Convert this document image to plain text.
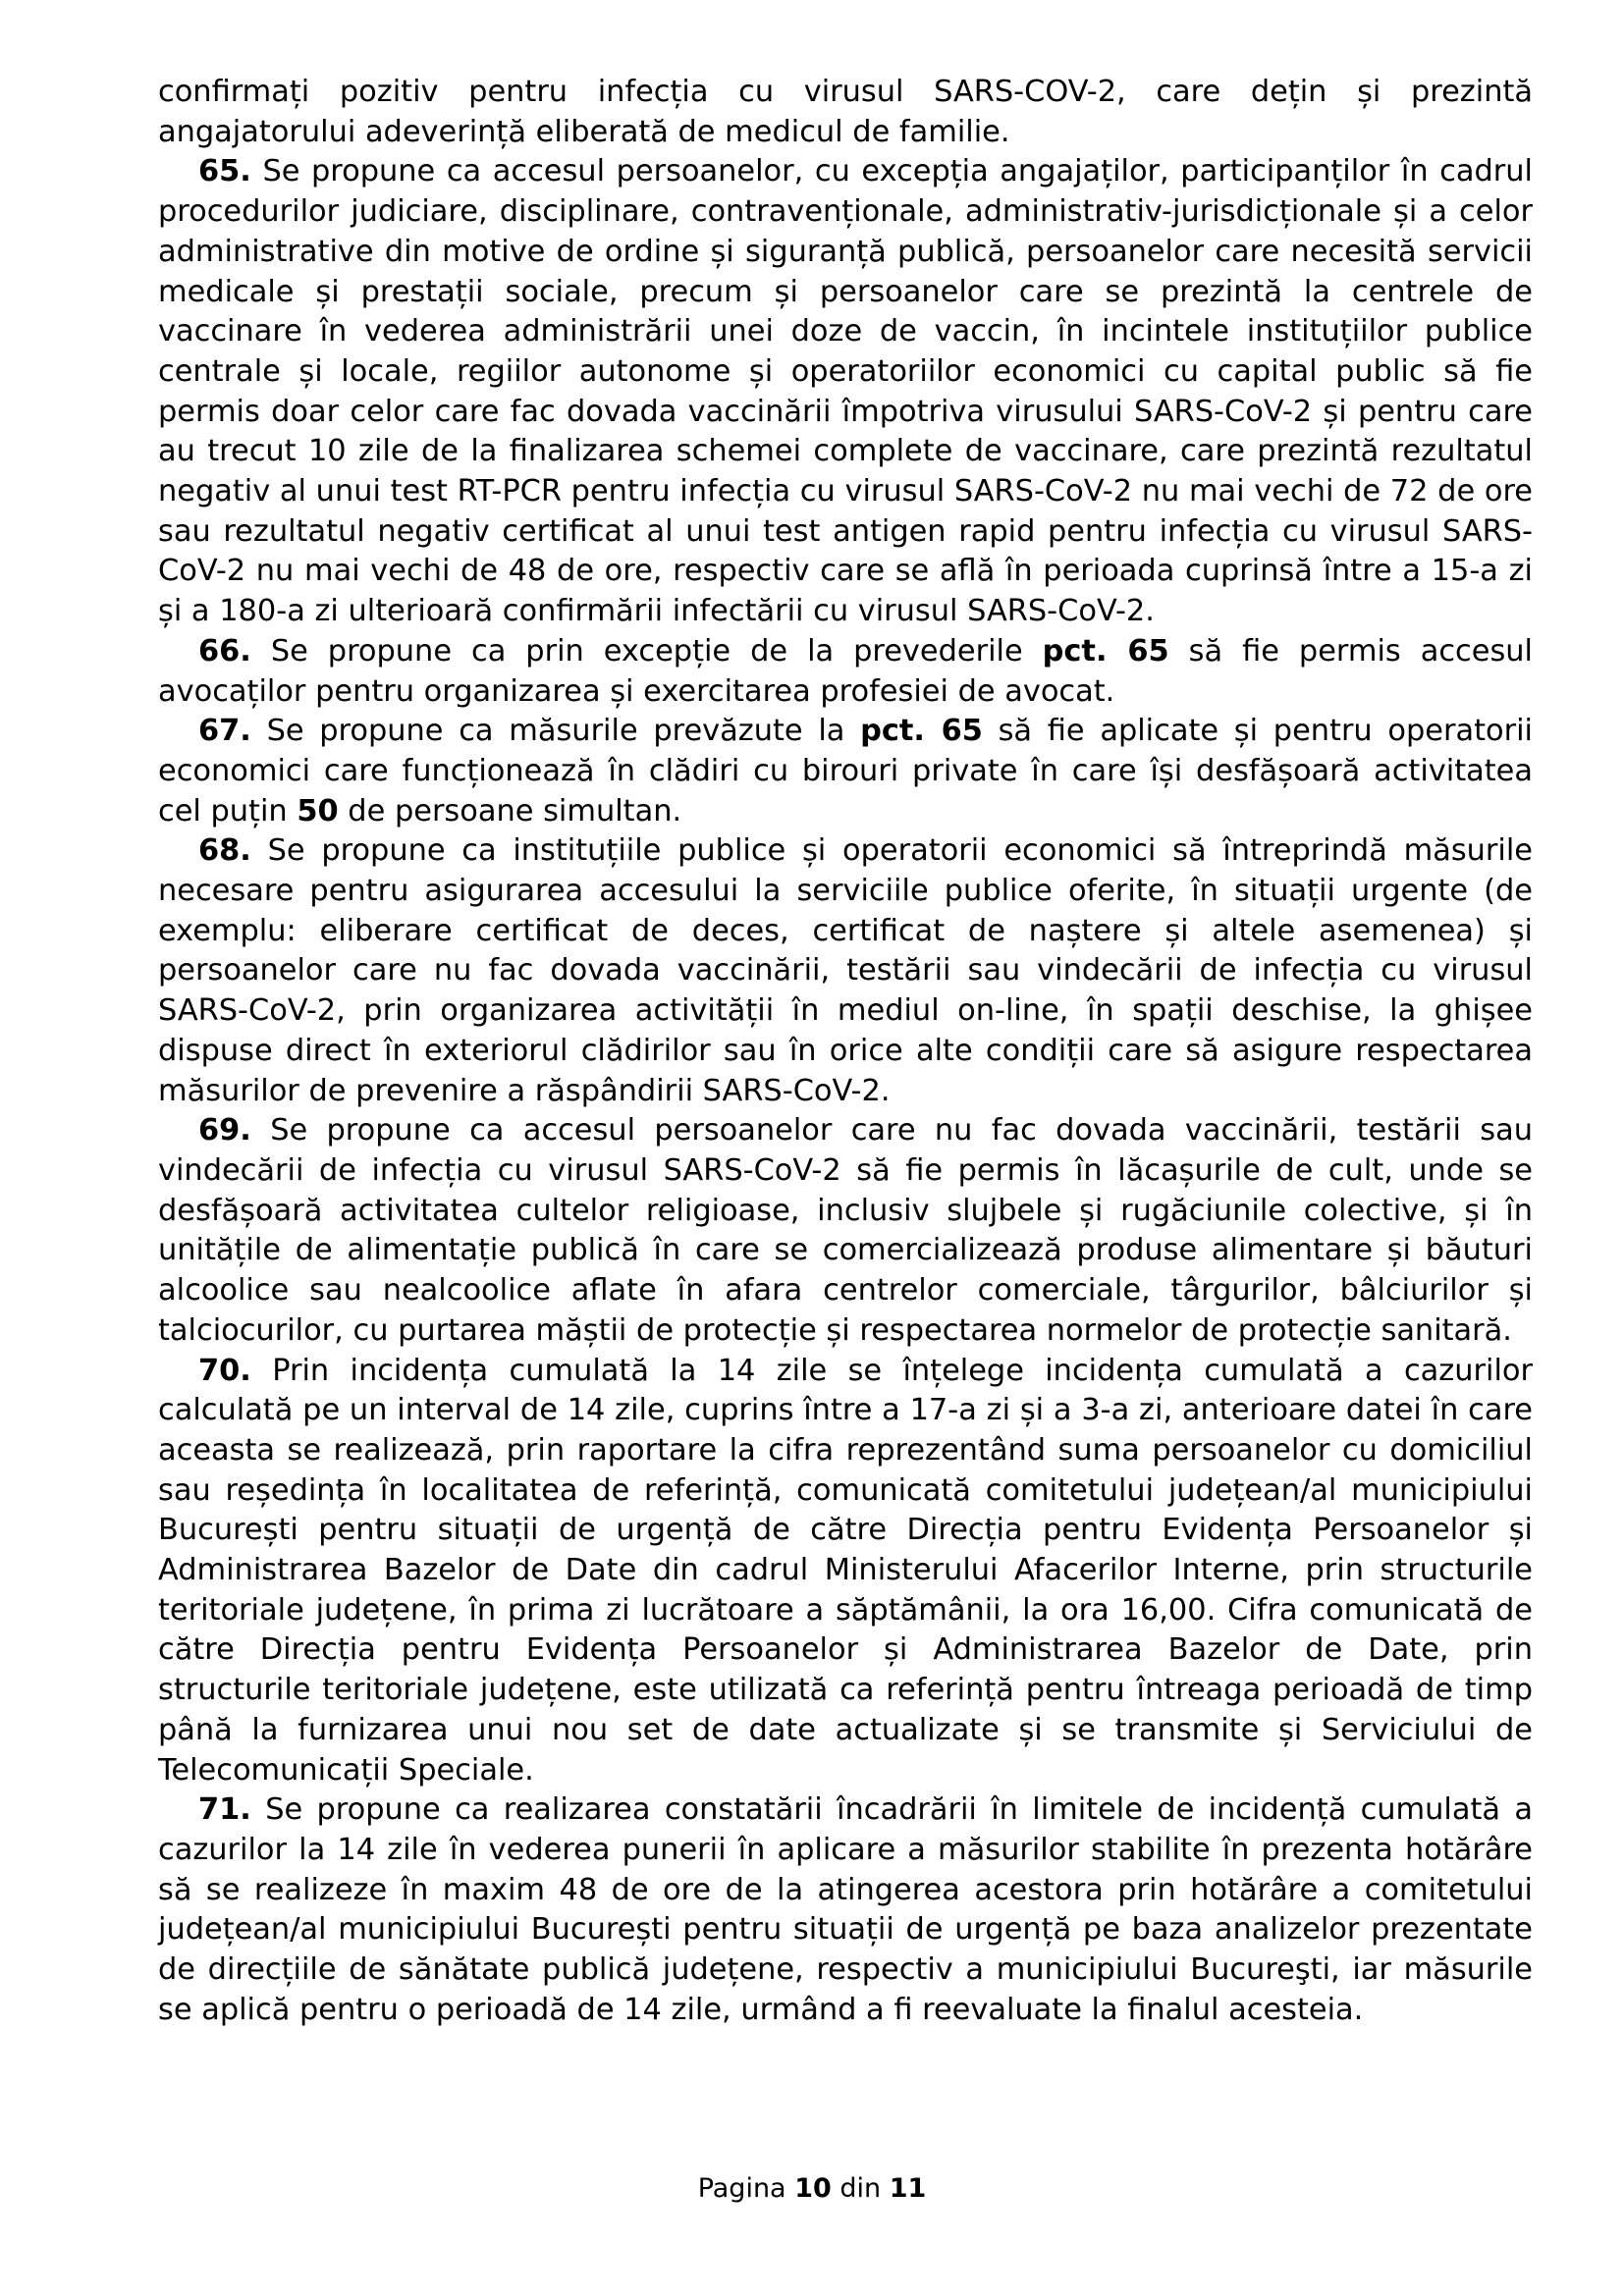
confirmați pozitiv pentru infecția cu virusul SARS-COV-2, care dețin și prezintă angajatorului adeverință eliberată de medicul de familie.

65. Se propune ca accesul persoanelor, cu excepția angajaților, participanților în cadrul procedurilor judiciare, disciplinare, contravenționale, administrativ-jurisdicționale și a celor administrative din motive de ordine și siguranță publică, persoanelor care necesită servicii medicale și prestații sociale, precum și persoanelor care se prezintă la centrele de vaccinare în vederea administrării unei doze de vaccin, în incintele instituțiilor publice centrale și locale, regiilor autonome și operatoriilor economici cu capital public să fie permis doar celor care fac dovada vaccinării împotriva virusului SARS-CoV-2 și pentru care au trecut 10 zile de la finalizarea schemei complete de vaccinare, care prezintă rezultatul negativ al unui test RT-PCR pentru infecția cu virusul SARS-CoV-2 nu mai vechi de 72 de ore sau rezultatul negativ certificat al unui test antigen rapid pentru infecția cu virusul SARS-CoV-2 nu mai vechi de 48 de ore, respectiv care se află în perioada cuprinsă între a 15-a zi și a 180-a zi ulterioară confirmării infectării cu virusul SARS-CoV-2.

66. Se propune ca prin excepție de la prevederile pct. 65 să fie permis accesul avocaților pentru organizarea și exercitarea profesiei de avocat.

67. Se propune ca măsurile prevăzute la pct. 65 să fie aplicate și pentru operatorii economici care funcționează în clădiri cu birouri private în care își desfășoară activitatea cel puțin 50 de persoane simultan.

68. Se propune ca instituțiile publice și operatorii economici să întreprindă măsurile necesare pentru asigurarea accesului la serviciile publice oferite, în situații urgente (de exemplu: eliberare certificat de deces, certificat de naștere și altele asemenea) și persoanelor care nu fac dovada vaccinării, testării sau vindecării de infecția cu virusul SARS-CoV-2, prin organizarea activității în mediul on-line, în spații deschise, la ghișee dispuse direct în exteriorul clădirilor sau în orice alte condiții care să asigure respectarea măsurilor de prevenire a răspândirii SARS-CoV-2.

69. Se propune ca accesul persoanelor care nu fac dovada vaccinării, testării sau vindecării de infecția cu virusul SARS-CoV-2 să fie permis în lăcașurile de cult, unde se desfășoară activitatea cultelor religioase, inclusiv slujbele și rugăciunile colective, și în unitățile de alimentație publică în care se comercializează produse alimentare și băuturi alcoolice sau nealcoolice aflate în afara centrelor comerciale, târgurilor, bâlciurilor și talciocurilor, cu purtarea măștii de protecție și respectarea normelor de protecție sanitară.

70. Prin incidența cumulată la 14 zile se înțelege incidența cumulată a cazurilor calculată pe un interval de 14 zile, cuprins între a 17-a zi și a 3-a zi, anterioare datei în care aceasta se realizează, prin raportare la cifra reprezentând suma persoanelor cu domiciliul sau reședința în localitatea de referință, comunicată comitetului județean/al municipiului București pentru situații de urgență de către Direcția pentru Evidența Persoanelor și Administrarea Bazelor de Date din cadrul Ministerului Afacerilor Interne, prin structurile teritoriale județene, în prima zi lucrătoare a săptămânii, la ora 16,00. Cifra comunicată de către Direcția pentru Evidența Persoanelor și Administrarea Bazelor de Date, prin structurile teritoriale județene, este utilizată ca referință pentru întreaga perioadă de timp până la furnizarea unui nou set de date actualizate și se transmite și Serviciului de Telecomunicații Speciale.

71. Se propune ca realizarea constatării încadrării în limitele de incidență cumulată a cazurilor la 14 zile în vederea punerii în aplicare a măsurilor stabilite în prezenta hotărâre să se realizeze în maxim 48 de ore de la atingerea acestora prin hotărâre a comitetului județean/al municipiului București pentru situații de urgență pe baza analizelor prezentate de direcțiile de sănătate publică județene, respectiv a municipiului Bucureşti, iar măsurile se aplică pentru o perioadă de 14 zile, urmând a fi reevaluate la finalul acesteia.

Pagina 10 din 11
